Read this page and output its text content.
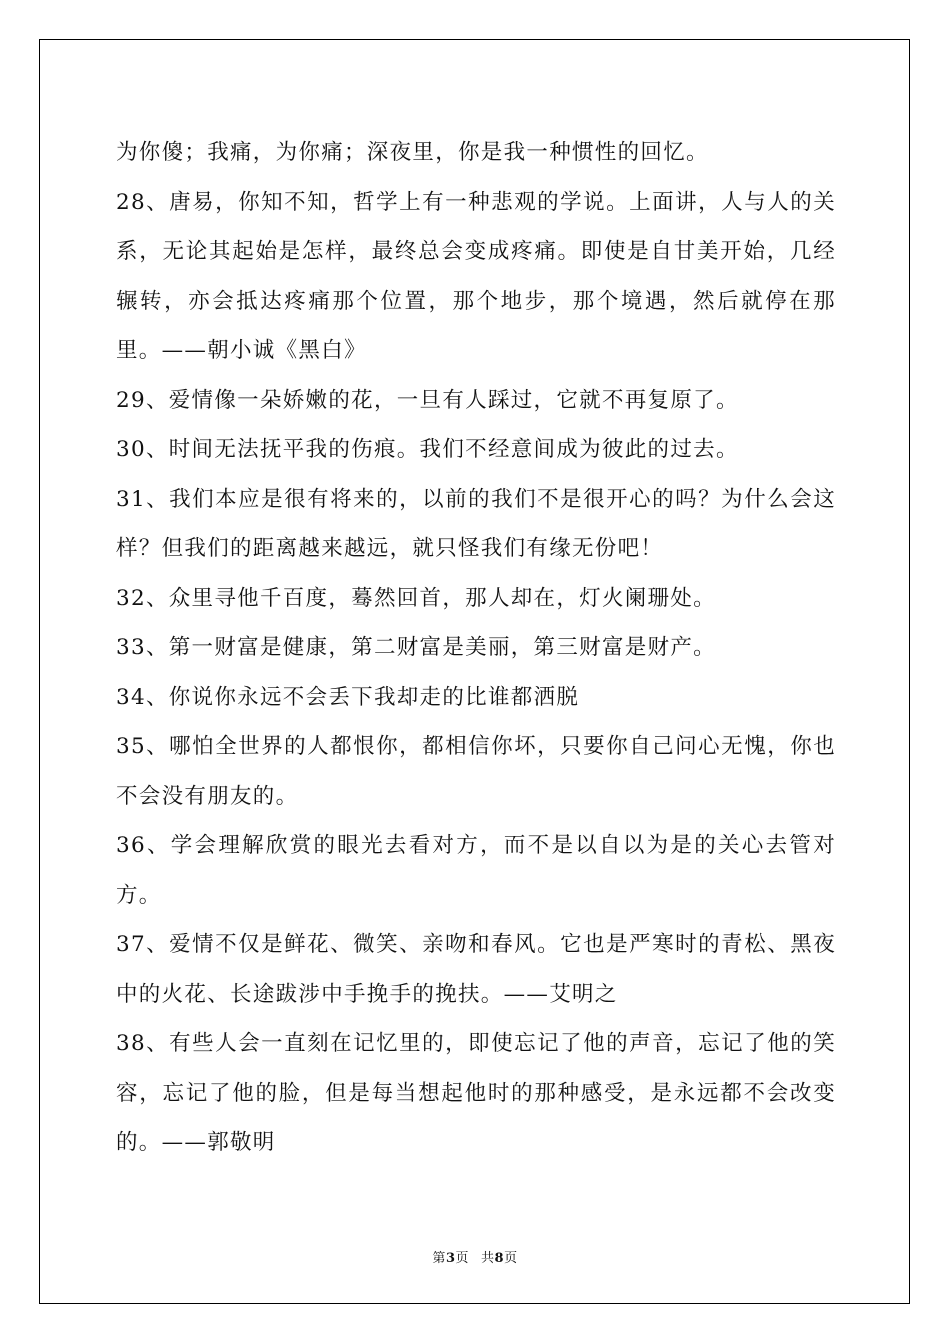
为你傻；我痛，为你痛；深夜里，你是我一种惯性的回忆。

28、唐易，你知不知，哲学上有一种悲观的学说。上面讲，人与人的关系，无论其起始是怎样，最终总会变成疼痛。即使是自甘美开始，几经辗转，亦会抵达疼痛那个位置，那个地步，那个境遇，然后就停在那里。——朝小诚《黑白》

29、爱情像一朵娇嫩的花，一旦有人踩过，它就不再复原了。

30、时间无法抚平我的伤痕。我们不经意间成为彼此的过去。

31、我们本应是很有将来的，以前的我们不是很开心的吗？为什么会这样？但我们的距离越来越远，就只怪我们有缘无份吧！

32、众里寻他千百度，蓦然回首，那人却在，灯火阑珊处。

33、第一财富是健康，第二财富是美丽，第三财富是财产。

34、你说你永远不会丢下我却走的比谁都洒脱

35、哪怕全世界的人都恨你，都相信你坏，只要你自己问心无愧，你也不会没有朋友的。

36、学会理解欣赏的眼光去看对方，而不是以自以为是的关心去管对方。

37、爱情不仅是鲜花、微笑、亲吻和春风。它也是严寒时的青松、黑夜中的火花、长途跋涉中手挽手的挽扶。——艾明之

38、有些人会一直刻在记忆里的，即使忘记了他的声音，忘记了他的笑容，忘记了他的脸，但是每当想起他时的那种感受，是永远都不会改变的。——郭敬明

第3页 共8页
